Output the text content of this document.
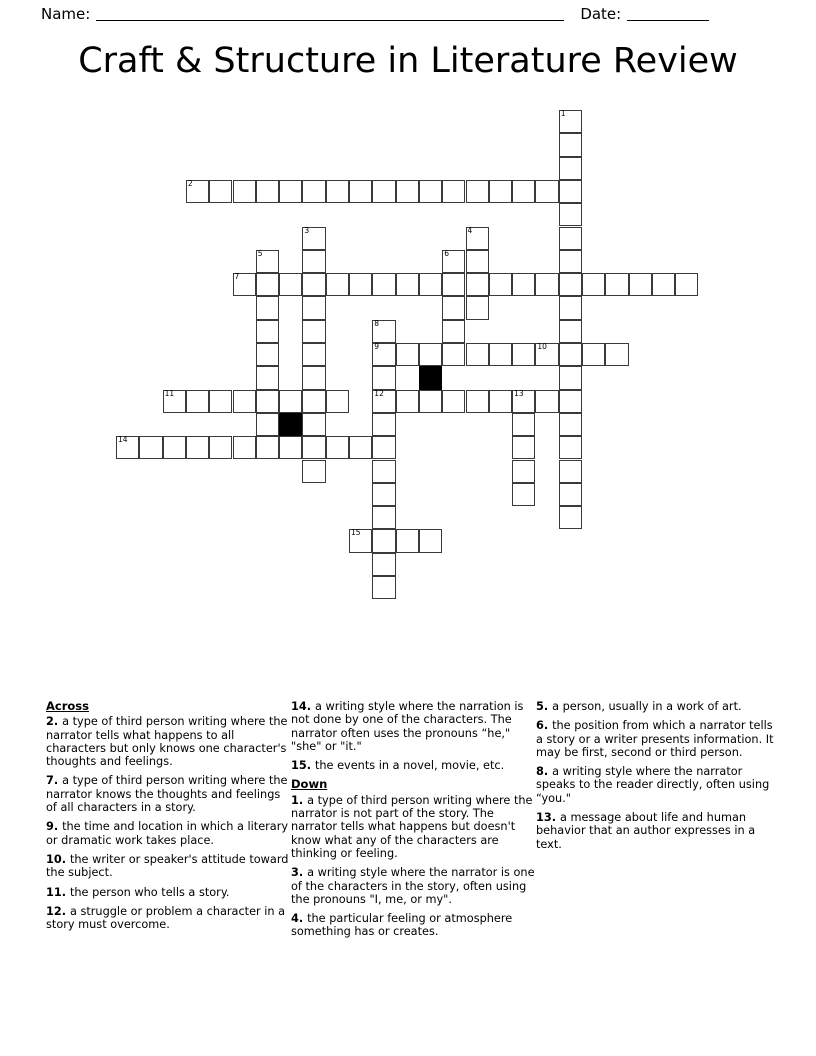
Name:	Date:
Craft & Structure in Literature Review
1
2
3	4
5	6
7
8
9
12
10
11	13
14
15
Across
2. a type of third person writing where the narrator tells what happens to all characters but only knows one character's thoughts and feelings.
7. a type of third person writing where the narrator knows the thoughts and feelings of all characters in a story.
9. the time and location in which a literary or dramatic work takes place.
10. the writer or speaker's attitude toward the subject.
11. the person who tells a story.
12. a struggle or problem a character in a story must overcome.
14. a writing style where the narration is not done by one of the characters. The narrator often uses the pronouns “he," "she" or "it."
15. the events in a novel, movie, etc.
Down
1. a type of third person writing where the narrator is not part of the story. The narrator tells what happens but doesn't know what any of the characters are thinking or feeling.
3. a writing style where the narrator is one of the characters in the story, often using the pronouns "I, me, or my".
4. the particular feeling or atmosphere something has or creates.
5. a person, usually in a work of art.
6. the position from which a narrator tells a story or a writer presents information. It may be first, second or third person.
8. a writing style where the narrator speaks to the reader directly, often using “you."
13. a message about life and human behavior that an author expresses in a text.
